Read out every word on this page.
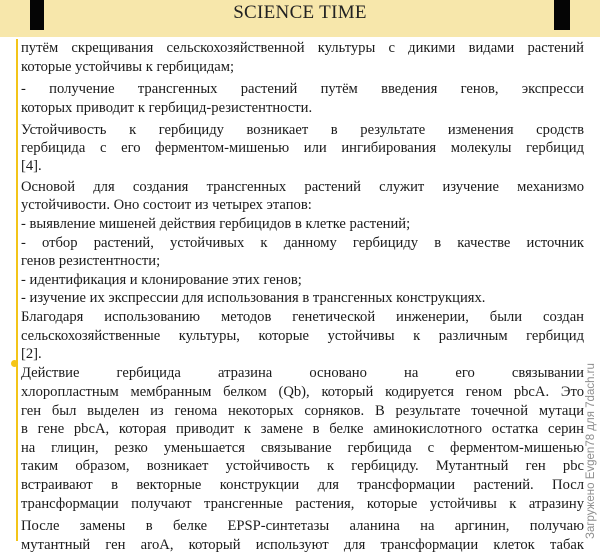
SCIENCE TIME
путём скрещивания сельскохозяйственной культуры с дикими видами растений
которые устойчивы к гербицидам;
- получение трансгенных растений путём введения генов, экспресси
которых приводит к гербицид-резистентности.
Устойчивость к гербициду возникает в результате изменения сродств
гербицида с его ферментом-мишенью или ингибирования молекулы гербицид
[4].
Основой для создания трансгенных растений служит изучение механизмо
устойчивости. Оно состоит из четырех этапов:
- выявление мишеней действия гербицидов в клетке растений;
- отбор растений, устойчивых к данному гербициду в качестве источник
генов резистентности;
- идентификация и клонирование этих генов;
- изучение их экспрессии для использования в трансгенных конструкциях.
Благодаря использованию методов генетической инженерии, были создан
сельскохозяйственные культуры, которые устойчивы к различным гербицид
[2].
Действие гербицида атразина основано на его связывании
хлоропластным мембранным белком (Qb), который кодируется геном pbcA. Это
ген был выделен из генома некоторых сорняков. В результате точечной мутаци
в гене pbcA, которая приводит к замене в белке аминокислотного остатка серин
на глицин, резко уменьшается связывание гербицида с ферментом-мишенью
таким образом, возникает устойчивость к гербициду. Мутантный ген pbc
встраивают в векторные конструкции для трансформации растений. Посл
трансформации получают трансгенные растения, которые устойчивы к атразину
После замены в белке EPSP-синтетазы аланина на аргинин, получаю
мутантный ген aroA, который используют для трансформации клеток табак
Загружено Evgen78 для 7dach.ru
